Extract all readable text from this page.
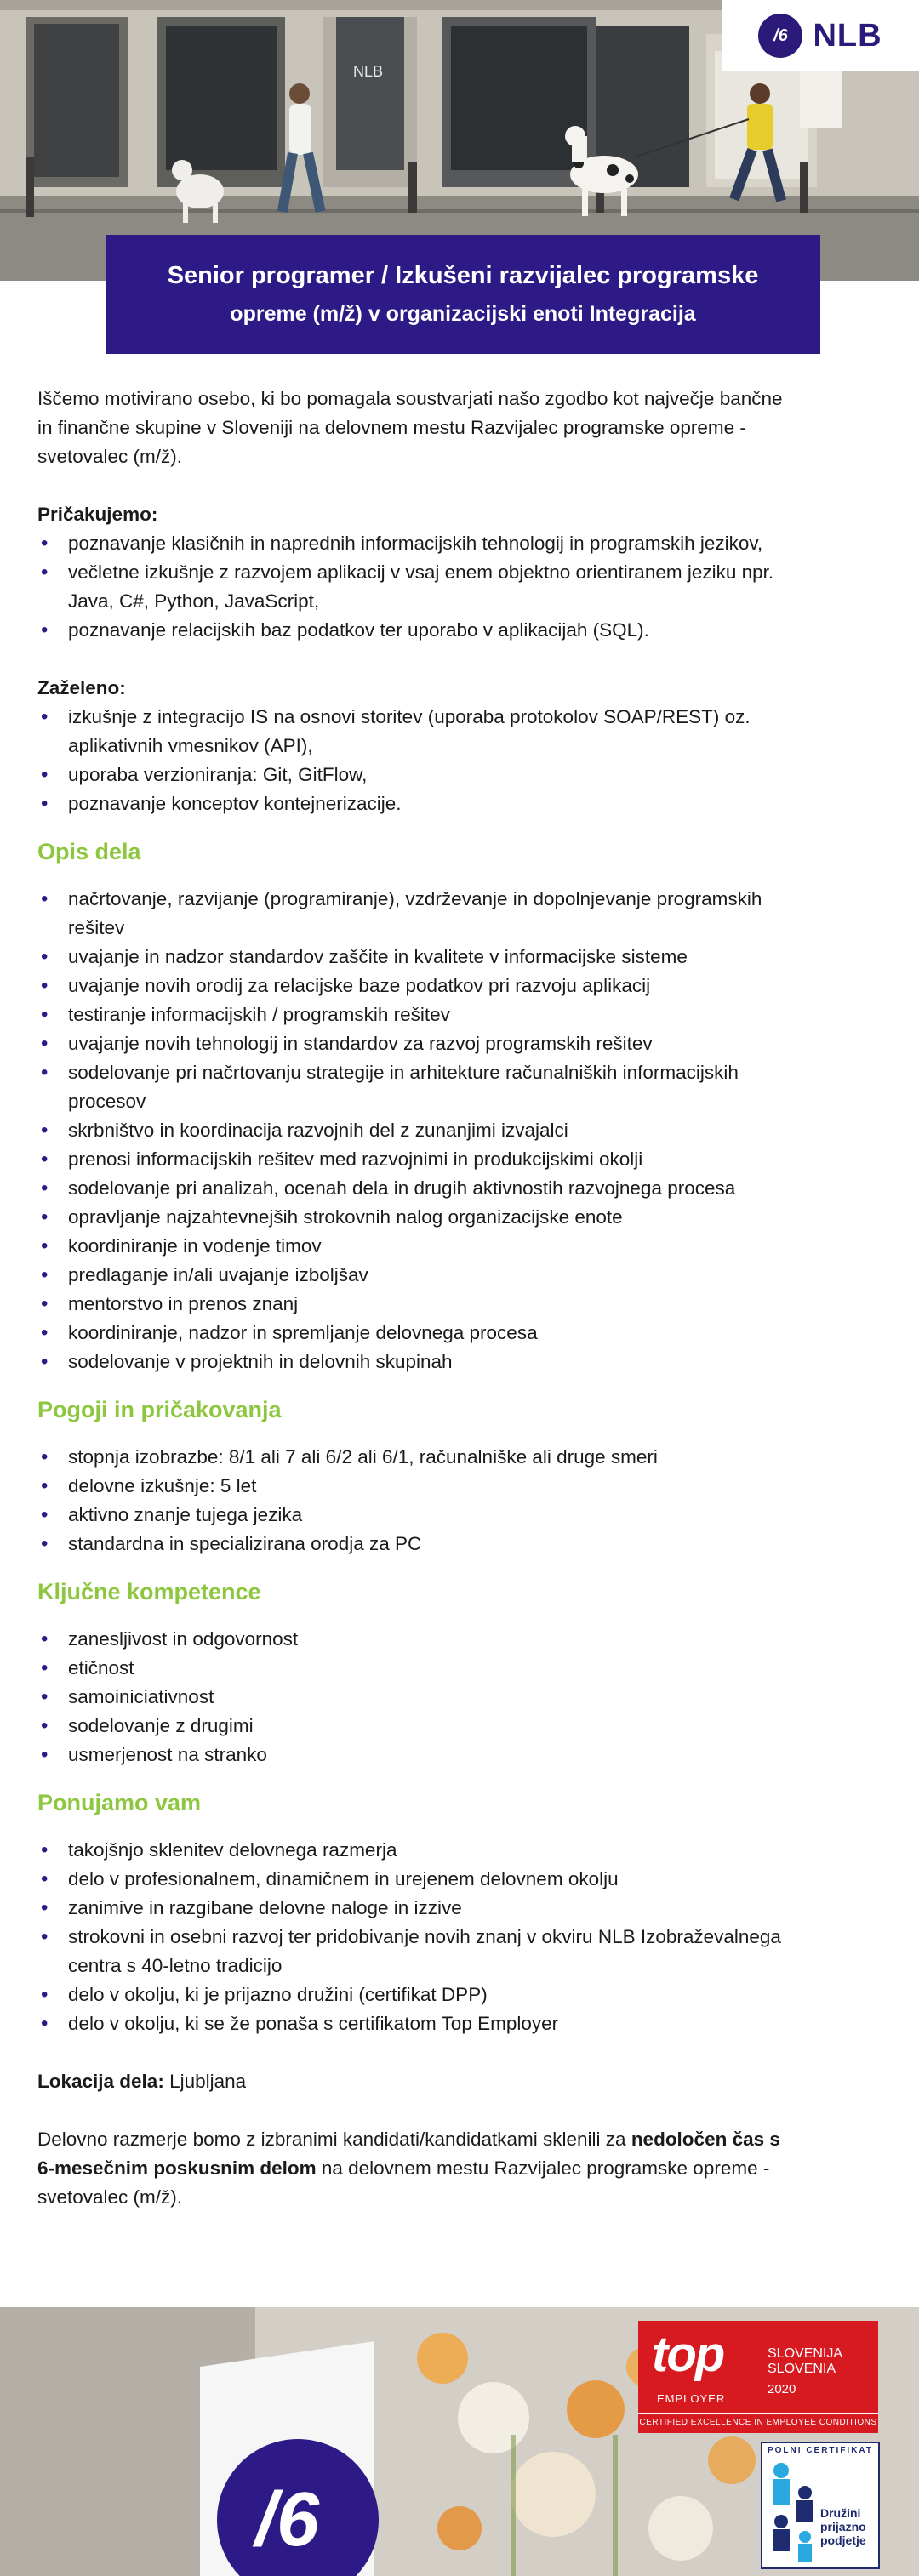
NLB
/6 NLB
Senior programer / Izkušeni razvijalec programske
opreme (m/ž) v organizacijski enoti Integracija

Iščemo motivirano osebo, ki bo pomagala soustvarjati našo zgodbo kot največje bančne

in finančne skupine v Sloveniji na delovnem mestu Razvijalec programske opreme -

svetovalec (m/ž).

Pričakujemo:

• poznavanje klasičnih in naprednih informacijskih tehnologij in programskih jezikov,
• večletne izkušnje z razvojem aplikacij v vsaj enem objektno orientiranem jeziku npr.
Java, C#, Python, JavaScript,
• poznavanje relacijskih baz podatkov ter uporabo v aplikacijah (SQL).

Zaželeno:

• izkušnje z integracijo IS na osnovi storitev (uporaba protokolov SOAP/REST) oz.
aplikativnih vmesnikov (API),
• uporaba verzioniranja: Git, GitFlow,
• poznavanje konceptov kontejnerizacije.
Opis dela
• načrtovanje, razvijanje (programiranje), vzdrževanje in dopolnjevanje programskih
rešitev
• uvajanje in nadzor standardov zaščite in kvalitete v informacijske sisteme
• uvajanje novih orodij za relacijske baze podatkov pri razvoju aplikacij
• testiranje informacijskih / programskih rešitev
• uvajanje novih tehnologij in standardov za razvoj programskih rešitev
• sodelovanje pri načrtovanju strategije in arhitekture računalniških informacijskih
procesov
• skrbništvo in koordinacija razvojnih del z zunanjimi izvajalci
• prenosi informacijskih rešitev med razvojnimi in produkcijskimi okolji
• sodelovanje pri analizah, ocenah dela in drugih aktivnostih razvojnega procesa
• opravljanje najzahtevnejših strokovnih nalog organizacijske enote
• koordiniranje in vodenje timov
• predlaganje in/ali uvajanje izboljšav
• mentorstvo in prenos znanj
• koordiniranje, nadzor in spremljanje delovnega procesa
• sodelovanje v projektnih in delovnih skupinah
Pogoji in pričakovanja
• stopnja izobrazbe: 8/1 ali 7 ali 6/2 ali 6/1, računalniške ali druge smeri
• delovne izkušnje: 5 let
• aktivno znanje tujega jezika
• standardna in specializirana orodja za PC
Ključne kompetence
• zanesljivost in odgovornost
• etičnost
• samoiniciativnost
• sodelovanje z drugimi
• usmerjenost na stranko
Ponujamo vam
• takojšnjo sklenitev delovnega razmerja
• delo v profesionalnem, dinamičnem in urejenem delovnem okolju
• zanimive in razgibane delovne naloge in izzive
• strokovni in osebni razvoj ter pridobivanje novih znanj v okviru NLB Izobraževalnega
centra s 40-letno tradicijo
• delo v okolju, ki je prijazno družini (certifikat DPP)
• delo v okolju, ki se že ponaša s certifikatom Top Employer

Lokacija dela: Ljubljana

Delovno razmerje bomo z izbranimi kandidati/kandidatkami sklenili za nedoločen čas s

6-mesečnim poskusnim delom na delovnem mestu Razvijalec programske opreme -

svetovalec (m/ž).

/6
top
EMPLOYER
SLOVENIJA
SLOVENIA
2020
CERTIFIED EXCELLENCE IN EMPLOYEE CONDITIONS
POLNI CERTIFIKAT
Družini
prijazno
podjetje
